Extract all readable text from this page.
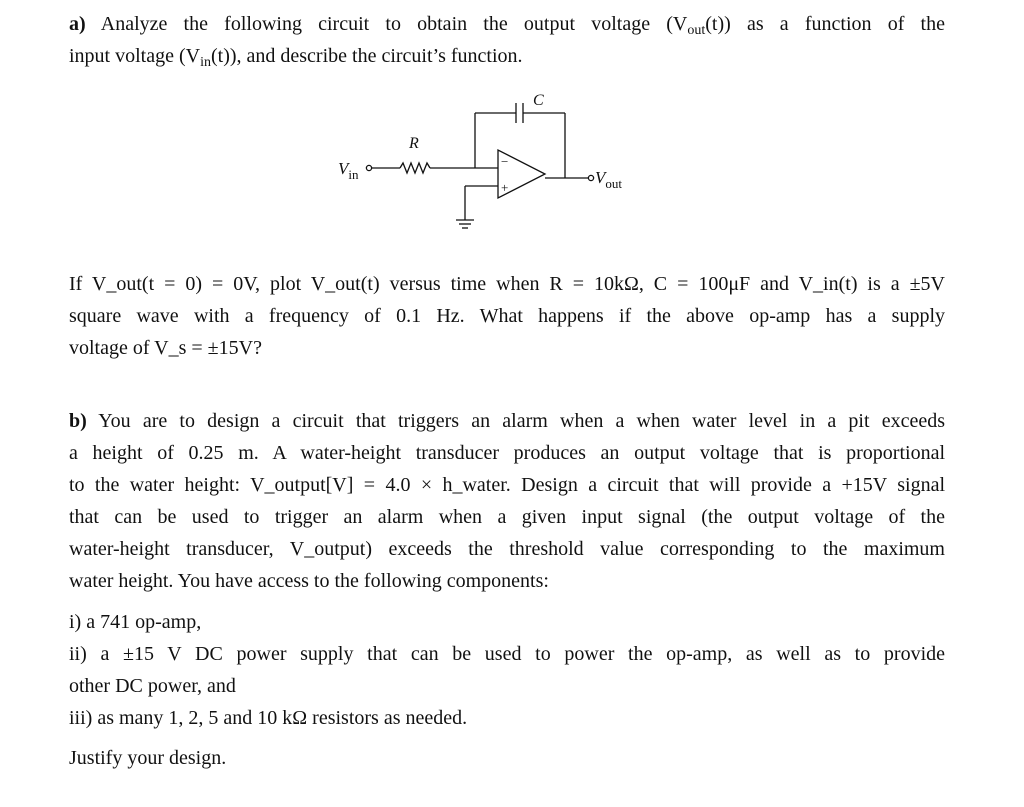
a) Analyze the following circuit to obtain the output voltage $(V_{out}(t))$ as a function of the
input voltage $(V_{in}(t))$, and describe the circuit’s function.
$V_{in}$
R
C
−
+
$V_{out}$
If V_out(t = 0) = 0V, plot V_out(t) versus time when R = 10kΩ, C = 100μF and V_in(t) is a ±5V
square wave with a frequency of 0.1 Hz. What happens if the above op-amp has a supply
voltage of V_s = ±15V?
b) You are to design a circuit that triggers an alarm when a when water level in a pit exceeds
a height of 0.25 m. A water-height transducer produces an output voltage that is proportional
to the water height: V_output[V] = 4.0 × h_water. Design a circuit that will provide a +15V signal
that can be used to trigger an alarm when a given input signal (the output voltage of the
water-height transducer, V_output) exceeds the threshold value corresponding to the maximum
water height. You have access to the following components:
i) a 741 op-amp,
ii) a ±15 V DC power supply that can be used to power the op-amp, as well as to provide
other DC power, and
iii) as many 1, 2, 5 and 10 kΩ resistors as needed.
Justify your design.
